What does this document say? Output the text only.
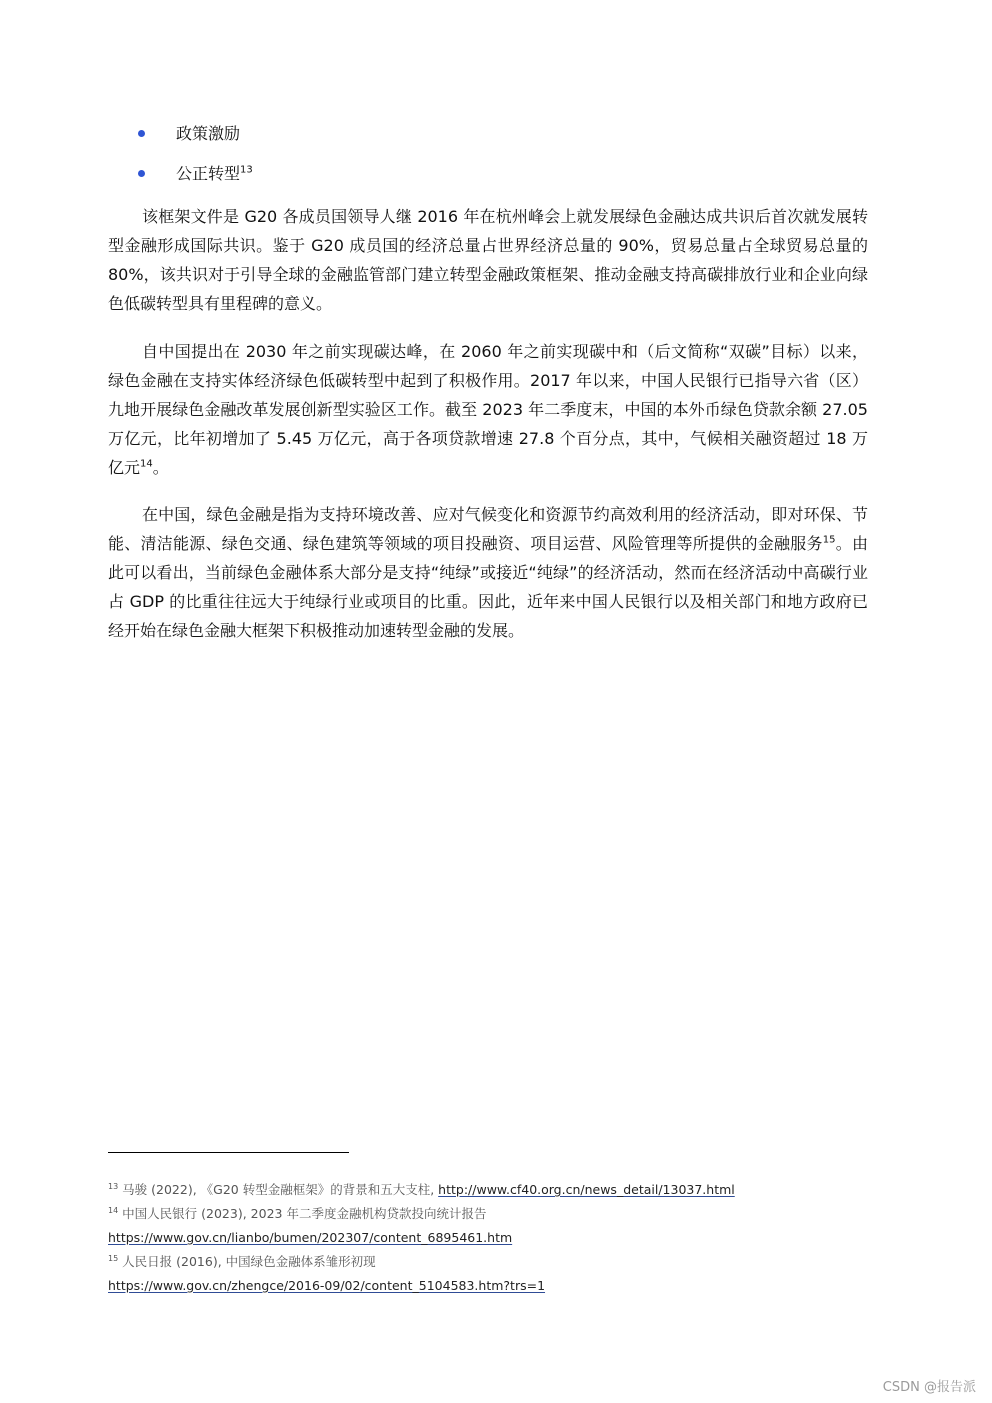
政策激励
公正转型$^{13}$

该框架文件是 G20 各成员国领导人继 2016 年在杭州峰会上就发展绿色金融达成共识后首次就发展转型金融形成国际共识。鉴于 G20 成员国的经济总量占世界经济总量的 90%，贸易总量占全球贸易总量的 80%，该共识对于引导全球的金融监管部门建立转型金融政策框架、推动金融支持高碳排放行业和企业向绿色低碳转型具有里程碑的意义。

自中国提出在 2030 年之前实现碳达峰，在 2060 年之前实现碳中和（后文简称“双碳”目标）以来，绿色金融在支持实体经济绿色低碳转型中起到了积极作用。2017 年以来，中国人民银行已指导六省（区）九地开展绿色金融改革发展创新型实验区工作。截至 2023 年二季度末，中国的本外币绿色贷款余额 27.05 万亿元，比年初增加了 5.45 万亿元，高于各项贷款增速 27.8 个百分点，其中，气候相关融资超过 18 万亿元$^{14}$。

在中国，绿色金融是指为支持环境改善、应对气候变化和资源节约高效利用的经济活动，即对环保、节能、清洁能源、绿色交通、绿色建筑等领域的项目投融资、项目运营、风险管理等所提供的金融服务$^{15}$。由此可以看出，当前绿色金融体系大部分是支持“纯绿”或接近“纯绿”的经济活动，然而在经济活动中高碳行业占 GDP 的比重往往远大于纯绿行业或项目的比重。因此，近年来中国人民银行以及相关部门和地方政府已经开始在绿色金融大框架下积极推动加速转型金融的发展。

$^{13}$ 马骏 (2022), 《G20 转型金融框架》的背景和五大支柱, http://www.cf40.org.cn/news_detail/13037.html
$^{14}$ 中国人民银行 (2023), 2023 年二季度金融机构贷款投向统计报告
https://www.gov.cn/lianbo/bumen/202307/content_6895461.htm
$^{15}$ 人民日报 (2016), 中国绿色金融体系雏形初现
https://www.gov.cn/zhengce/2016-09/02/content_5104583.htm?trs=1
CSDN @报告派
